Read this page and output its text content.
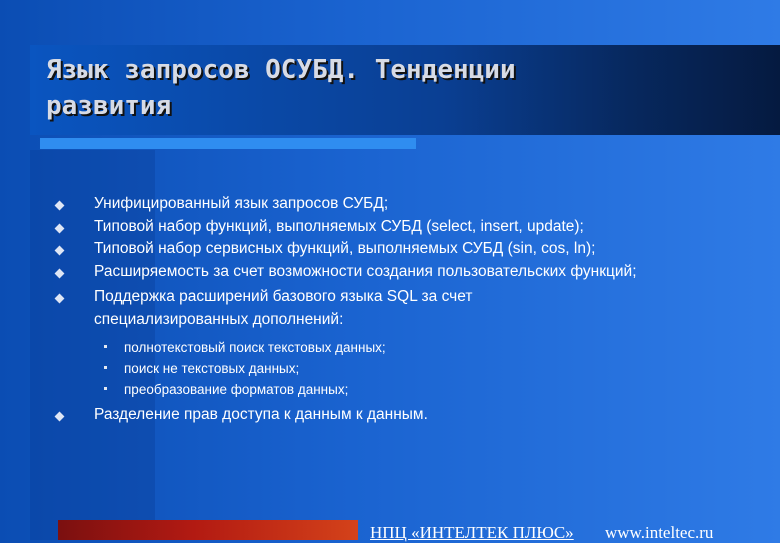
Язык запросов ОСУБД. Тенденции
развития
Унифицированный язык запросов СУБД;
Типовой набор функций, выполняемых СУБД (select, insert, update);
Типовой набор сервисных функций, выполняемых СУБД (sin, cos, ln);
Расширяемость за счет возможности создания пользовательских функций;
Поддержка расширений базового языка SQL за счет специализированных дополнений:
полнотекстовый поиск текстовых данных;
поиск не текстовых данных;
преобразование форматов данных;
Разделение прав доступа к данным к данным.
НПЦ «ИНТЕЛТЕК ПЛЮС» www.inteltec.ru
